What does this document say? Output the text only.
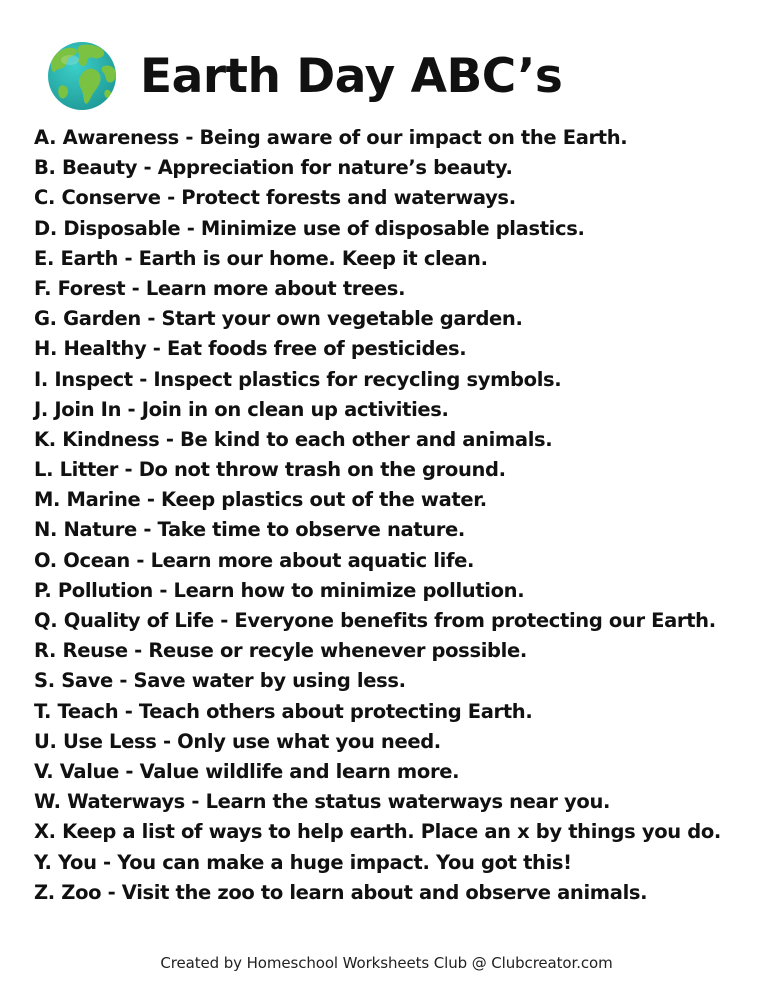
Earth Day ABC’s
A. Awareness - Being aware of our impact on the Earth.
B. Beauty - Appreciation for nature’s beauty.
C. Conserve - Protect forests and waterways.
D. Disposable - Minimize use of disposable plastics.
E. Earth - Earth is our home. Keep it clean.
F. Forest - Learn more about trees.
G. Garden - Start your own vegetable garden.
H. Healthy - Eat foods free of pesticides.
I. Inspect - Inspect plastics for recycling symbols.
J. Join In - Join in on clean up activities.
K. Kindness - Be kind to each other and animals.
L. Litter - Do not throw trash on the ground.
M. Marine - Keep plastics out of the water.
N. Nature - Take time to observe nature.
O. Ocean - Learn more about aquatic life.
P. Pollution - Learn how to minimize pollution.
Q. Quality of Life - Everyone benefits from protecting our Earth.
R. Reuse - Reuse or recyle whenever possible.
S. Save - Save water by using less.
T. Teach - Teach others about protecting Earth.
U. Use Less - Only use what you need.
V. Value - Value wildlife and learn more.
W. Waterways - Learn the status waterways near you.
X. Keep a list of ways to help earth. Place an x by things you do.
Y. You - You can make a huge impact. You got this!
Z. Zoo - Visit the zoo to learn about and observe animals.
Created by Homeschool Worksheets Club @ Clubcreator.com
